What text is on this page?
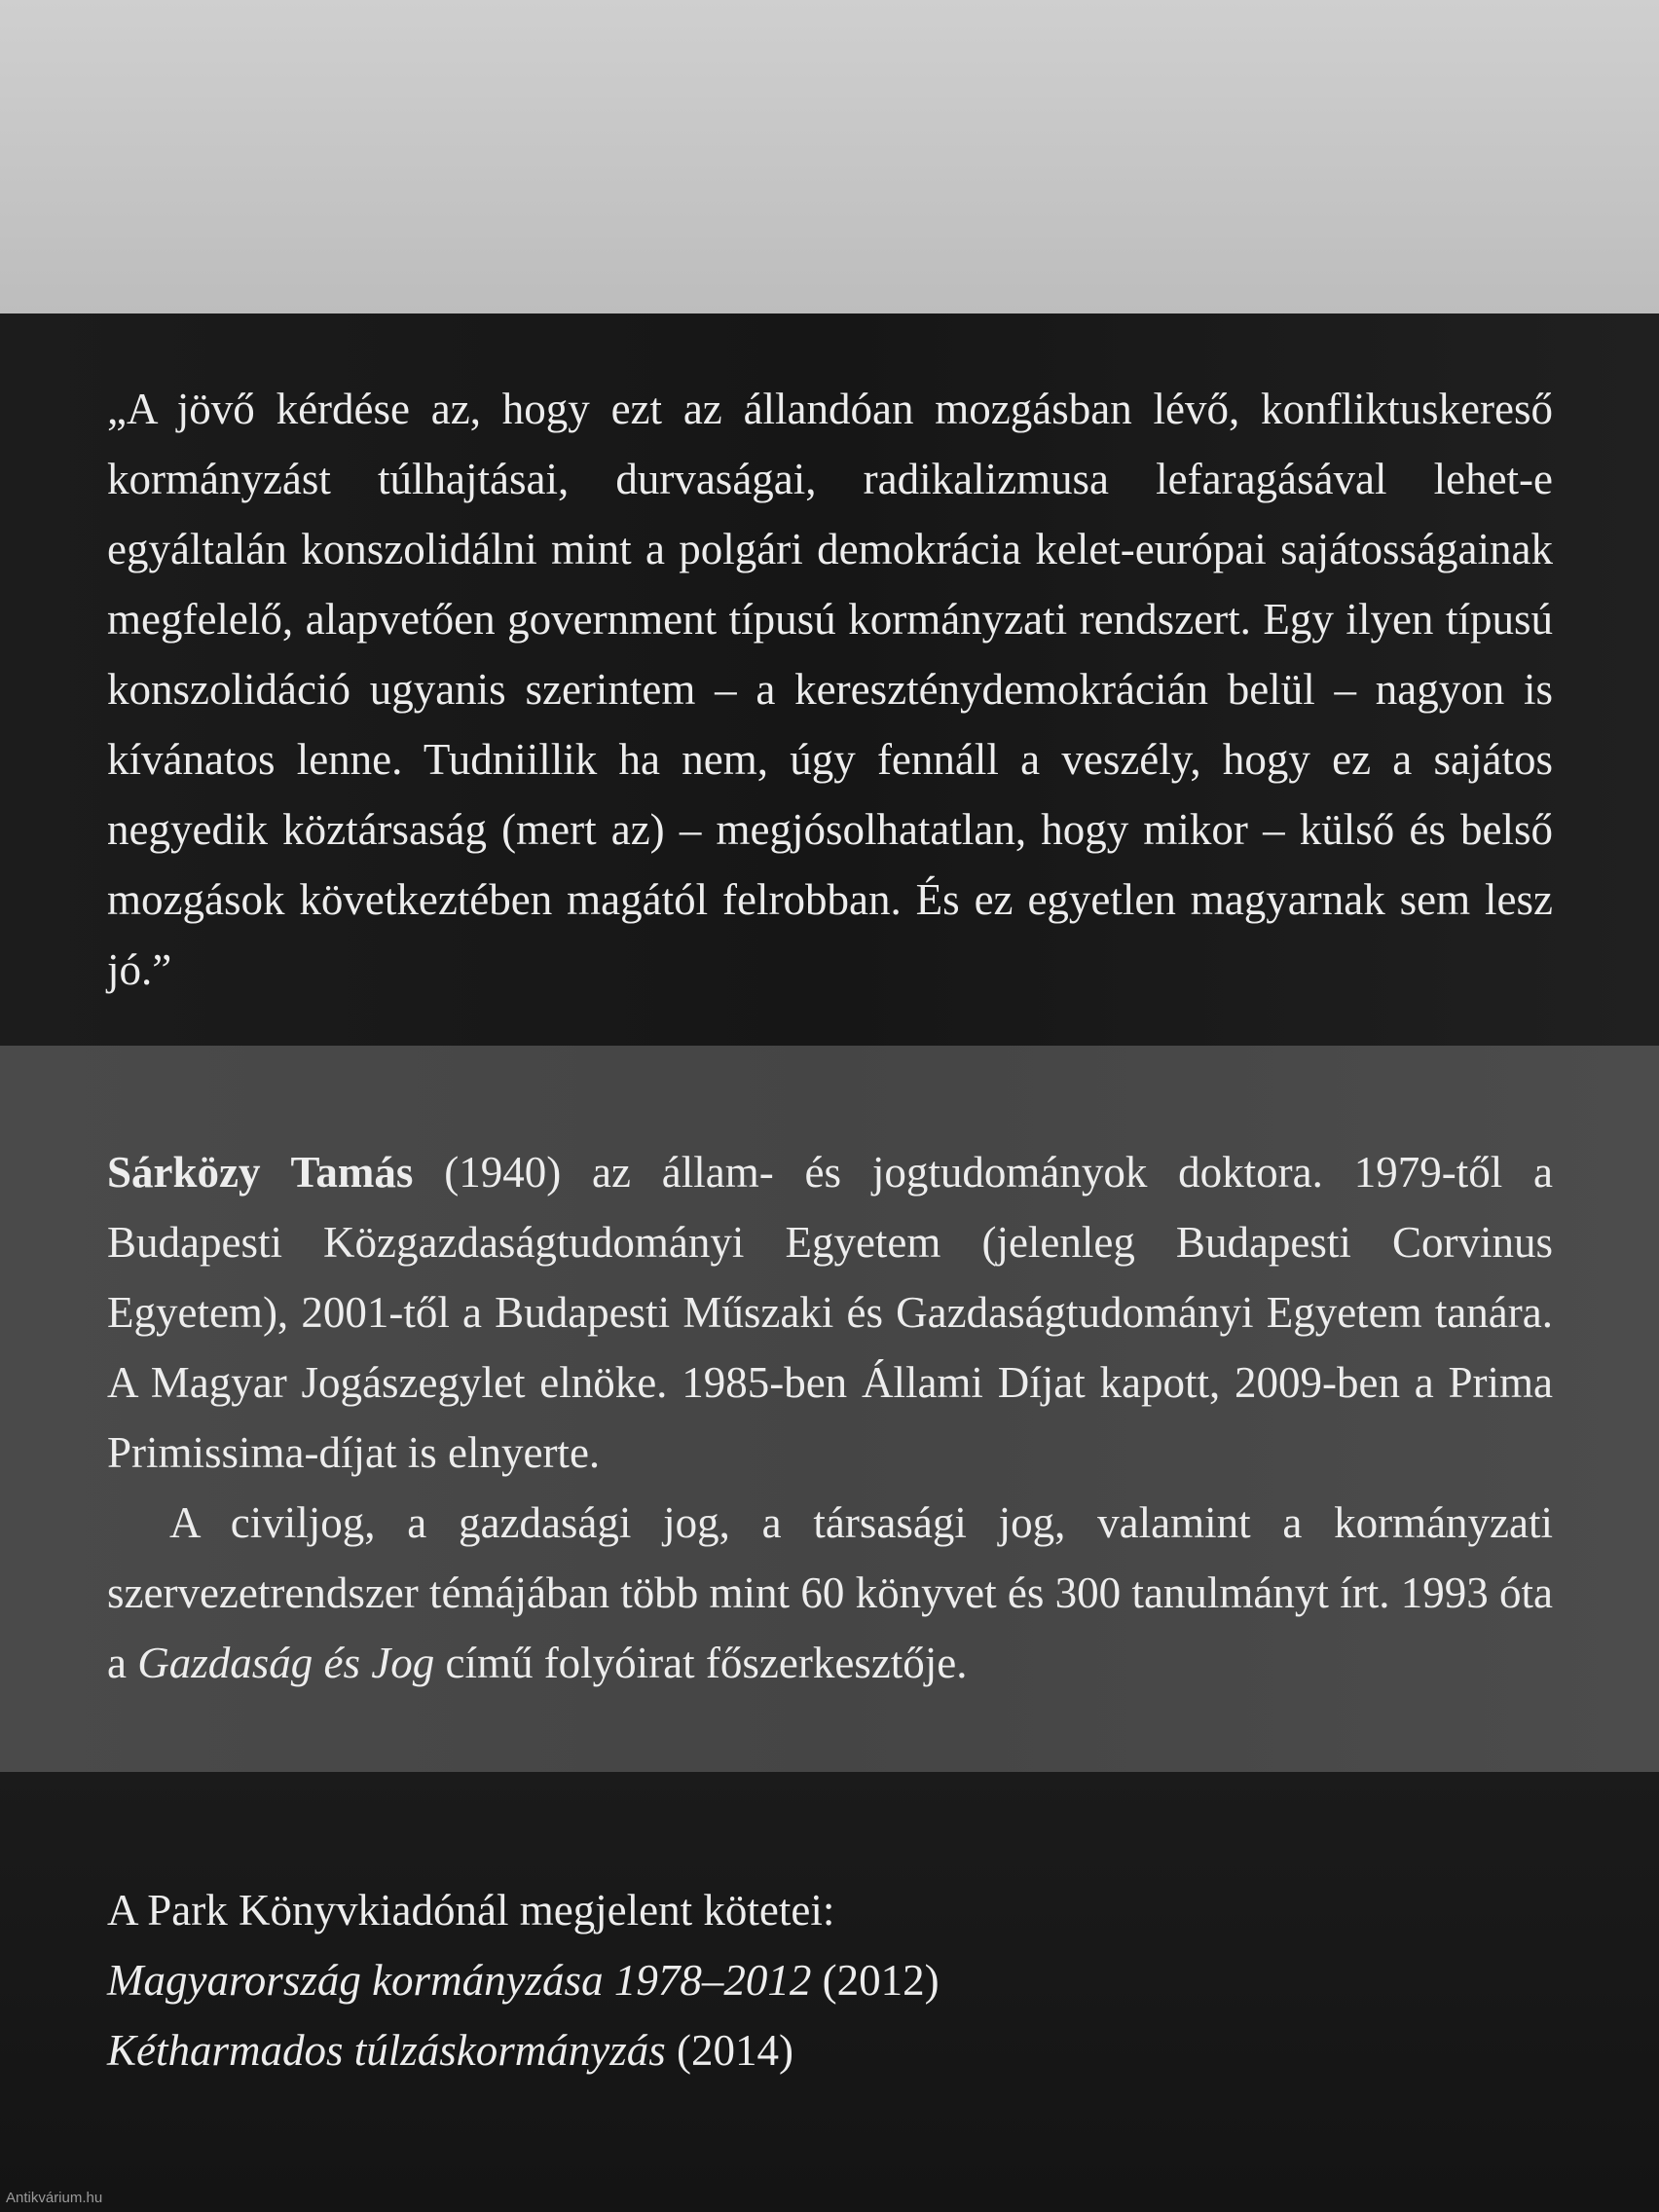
„A jövő kérdése az, hogy ezt az állandóan mozgásban lévő, konfliktuskereső kormányzást túlhajtásai, durvaságai, radikalizmusa lefaragásával lehet-e egyáltalán konszolidálni mint a polgári demokrácia kelet-európai sajátosságainak megfelelő, alapvetően government típusú kormányzati rendszert. Egy ilyen típusú konszolidáció ugyanis szerintem – a kereszténydemokrácián belül – nagyon is kívánatos lenne. Tudniillik ha nem, úgy fennáll a veszély, hogy ez a sajátos negyedik köztársaság (mert az) – megjósolhatatlan, hogy mikor – külső és belső mozgások következtében magától felrobban. És ez egyetlen magyarnak sem lesz jó.”

Sárközy Tamás (1940) az állam- és jogtudományok doktora. 1979-től a Budapesti Közgazdaságtudományi Egyetem (jelenleg Budapesti Corvinus Egyetem), 2001-től a Budapesti Műszaki és Gazdaságtudományi Egyetem tanára. A Magyar Jogászegylet elnöke. 1985-ben Állami Díjat kapott, 2009-ben a Prima Primissima-díjat is elnyerte.

A civiljog, a gazdasági jog, a társasági jog, valamint a kormányzati szervezetrendszer témájában több mint 60 könyvet és 300 tanulmányt írt. 1993 óta a Gazdaság és Jog című folyóirat főszerkesztője.

A Park Könyvkiadónál megjelent kötetei:
Magyarország kormányzása 1978–2012 (2012)
Kétharmados túlzáskormányzás (2014)
Antikvárium.hu
